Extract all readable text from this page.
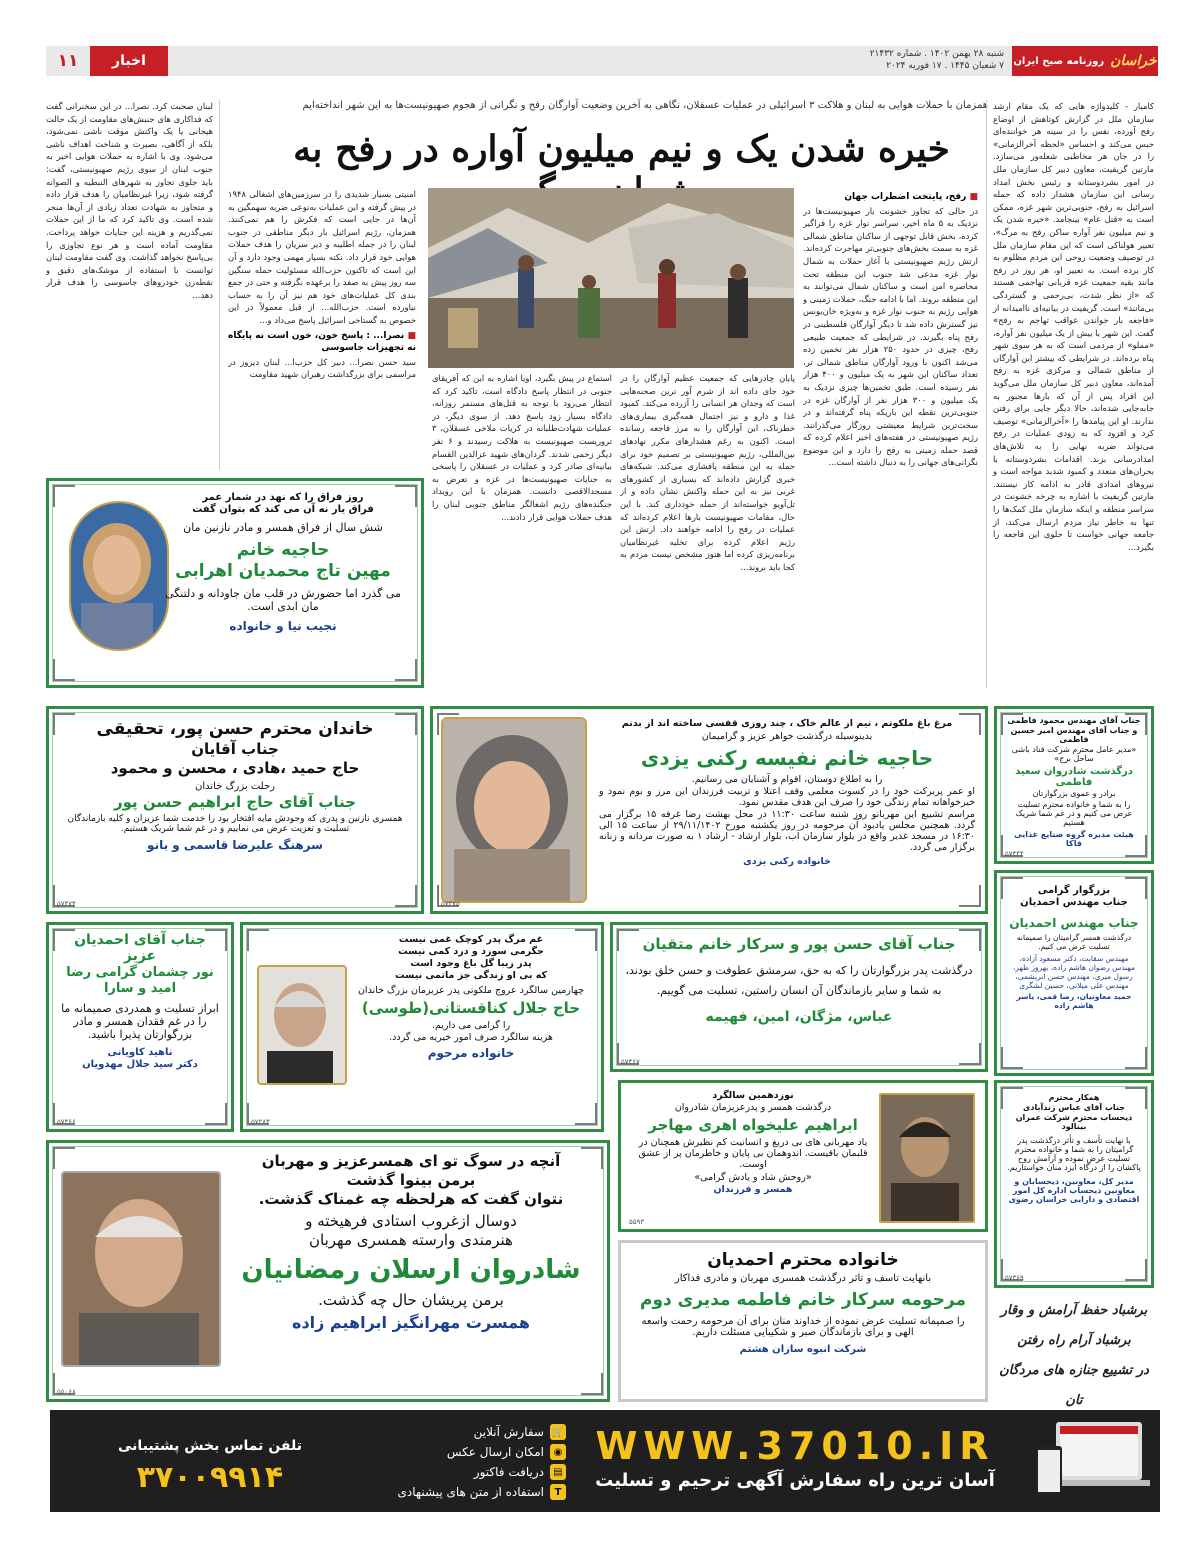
خراسان
روزنامه صبح ایران
شنبه ۲۸ بهمن ۱۴۰۲ . شماره ۲۱۴۳۲
۷ شعبان ۱۴۴۵ . ۱۷ فوریه ۲۰۲۴
اخبار
۱۱
همزمان با حملات هوایی به لبنان و هلاکت ۳ اسرائیلی در عملیات عسقلان، نگاهی به آخرین وضعیت آوارگان رفح و نگرانی از هجوم صهیونیست‌ها به این شهر انداخته‌ایم
خیره شدن یک و نیم میلیون آواره در رفح به
کامیار - کلیدواژه هایی که یک مقام ارشد سازمان ملل در گزارش کوتاهش از اوضاع رفح آورده، نفس را در سینه هر خواننده‌ای حبس می‌کند و احساس «لحظه آخرالزمانی» را در جان هر مخاطبی شعله‌ور می‌سازد. مارتین گریفیت، معاون دبیر کل سازمان ملل در امور بشردوستانه و رئیس بخش امداد رسانی این سازمان هشدار داده که حمله اسرائیل به رفح، جنوبی‌ترین شهر غزه، ممکن است به «قتل عام» بینجامد. «خیره شدن یک و نیم میلیون نفر آواره ساکن رفح به مرگ»، تعبیر هولناکی است که این مقام سازمان ملل در توصیف وضعیت روحی این مردم مظلوم به کار برده است. به تعبیر او، هر روز در رفح مانند بقیه جمعیت غزه قربانی تهاجمی هستند که «از نظر شدت، بی‌رحمی و گستردگی بی‌مانند» است. گریفیت در بیانیه‌ای ناامیدانه از «فاجعه بار خواندن عواقب تهاجم به رفح» گفت. این شهر با بیش از یک میلیون نفر آواره، «مملو» از مردمی است که به هر سوی شهر پناه برده‌اند. در شرایطی که بیشتر این آوارگان از مناطق شمالی و مرکزی غزه به رفح آمده‌اند، معاون دبیر کل سازمان ملل می‌گوید این افراد پس از آن که بارها مجبور به جابه‌جایی شده‌اند، حالا دیگر جایی برای رفتن ندارند. او این پیامدها را «آخرالزمانی» توصیف کرد و افزود که به زودی عملیات در رفح می‌تواند ضربه نهایی را به تلاش‌های امدادرسانی بزند. اقدامات بشردوستانه با بحران‌های متعدد و کمبود شدید مواجه است و نیروهای امدادی قادر به ادامه کار نیستند. مارتین گریفیت با اشاره به چرخه خشونت در سراسر منطقه و اینکه سازمان ملل کمک‌ها را تنها به خاطر نیاز مردم ارسال می‌کند، از جامعه جهانی خواست تا جلوی این فاجعه را بگیرد...
■ رفح، پایتخت اضطراب جهان
در حالی که تجاوز خشونت بار صهیونیست‌ها در نزدیک به ۵ ماه اخیر، سراسر نوار غزه را فراگیر کرده، بخش قابل توجهی از ساکنان مناطق شمالی غزه به سمت بخش‌های جنوبی‌تر مهاجرت کرده‌اند. ارتش رژیم صهیونیستی با آغاز حملات به شمال نوار غزه مدعی شد جنوب این منطقه تحت محاصره امن است و ساکنان شمال می‌توانند به این منطقه بروند. اما با ادامه جنگ، حملات زمینی و هوایی رژیم به جنوب نوار غزه و به‌ویژه خان‌یونس نیز گسترش داده شد تا دیگر آوارگان فلسطینی در رفح پناه بگیرند. در شرایطی که جمعیت طبیعی رفح، چیزی در حدود ۲۵۰ هزار نفر تخمین زده می‌شد اکنون با ورود آوارگان مناطق شمالی تر، تعداد ساکنان این شهر به یک میلیون و ۴۰۰ هزار نفر رسیده است. طبق تخمین‌ها چیزی نزدیک به یک میلیون و ۳۰۰ هزار نفر از آوارگان غزه در جنوبی‌ترین نقطه این باریکه پناه گرفته‌اند و در سخت‌ترین شرایط معیشتی روزگار می‌گذرانند. رژیم صهیونیستی در هفته‌های اخیر اعلام کرده که قصد حمله زمینی به رفح را دارد و این موضوع نگرانی‌های جهانی را به دنبال داشته است...
پایان چادرهایی که جمعیت عظیم آوارگان را در خود جای داده اند از شرم آور ترین صحنه‌هایی است که وجدان هر انسانی را آزرده می‌کند. کمبود غذا و دارو و نیز احتمال همه‌گیری بیماری‌های خطرناک، این آوارگان را به مرز فاجعه رسانده است. اکنون به رغم هشدارهای مکرر نهادهای بین‌المللی، رژیم صهیونیستی بر تصمیم خود برای حمله به این منطقه پافشاری می‌کند. شبکه‌های خبری گزارش داده‌اند که بسیاری از کشورهای غربی نیز به این حمله واکنش نشان داده و از تل‌آویو خواسته‌اند از حمله خودداری کند. با این حال، مقامات صهیونیست بارها اعلام کرده‌اند که عملیات در رفح را ادامه خواهند داد. ارتش این رژیم اعلام کرده برای تخلیه غیرنظامیان برنامه‌ریزی کرده اما هنوز مشخص نیست مردم به کجا باید بروند...
استماع در پیش بگیرد، اویا اشاره به این که آفریقای جنوبی در انتظار پاسخ دادگاه است، تاکید کرد که انتظار می‌رود با توجه به قتل‌های مستمر روزانه، دادگاه بسیار زود پاسخ دهد. از سوی دیگر، در عملیات شهادت‌طلبانه در کریات ملاخی عسقلان، ۳ تروریست صهیونیست به هلاکت رسیدند و ۶ نفر دیگر زخمی شدند. گردان‌های شهید عزالدین القسام بیانیه‌ای صادر کرد و عملیات در عسقلان را پاسخی به جنایات صهیونیست‌ها در غزه و تعرض به مسجدالاقصی دانست. همزمان با این رویداد جنگنده‌های رژیم اشغالگر مناطق جنوبی لبنان را هدف حملات هوایی قرار دادند...
امنیتی بسیار شدیدی را در سرزمین‌های اشغالی ۱۹۴۸ در پیش گرفته و این عملیات به‌نوعی ضربه سهمگین به آن‌ها در جایی است که فکرش را هم نمی‌کنند. همزمان، رژیم اسرائیل بار دیگر مناطقی در جنوب لبنان را در جمله اطلیبه و دیر سریان را هدف حملات هوایی خود قرار داد. نکته بسیار مهمی وجود دارد و آن این است که تاکنون حزب‌الله مسئولیت حمله سنگین سه روز پیش به صفد را برعهده نگرفته و حتی در جمع بندی کل عملیات‌های خود هم نیز آن را به حساب نیاورده است. حزب‌الله... از قبل معمولاً در این خصوص به گستاخی اسرائیل پاسخ می‌داد و...
■ نصرا... : پاسخ خون، خون است نه پایگاه نه تجهیزات جاسوسی
سید حسن نصرا... دبیر کل حزب‌ا... لبنان دیروز در مراسمی برای بزرگداشت رهبران شهید مقاومت
لبنان صحبت کرد. نصرا... در این سخنرانی گفت که فداکاری های جنبش‌های مقاومت از یک حالت هیجانی یا یک واکنش موقت ناشی نمی‌شود، بلکه از آگاهی، بصیرت و شناخت اهداف ناشی می‌شود. وی با اشاره به حملات هوایی اخیر به جنوب لبنان از سوی رژیم صهیونیستی، گفت: باید جلوی تجاوز به شهرهای النبطیه و الصوانه گرفته شود، زیرا غیرنظامیان را هدف قرار داده و متجاوز به شهادت تعداد زیادی از آن‌ها منجر شده است. وی تاکید کرد که ما از این حملات نمی‌گذریم و هزینه این جنایات خواهد پرداخت. مقاومت آماده است و هر نوع تجاوزی را بی‌پاسخ نخواهد گذاشت. وی گفت مقاومت لبنان توانست با استفاده از موشک‌های دقیق و نقطه‌زن خودروهای جاسوسی را هدف قرار دهد...

روز فراق را که نهد در شمار عمر

فراق یار نه آن می کند که بتوان گفت

شش سال از فراق همسر و مادر نازنین مان

حاجیه خانم

مهین تاج محمدیان اهرابی

می گذرد اما حضورش در قلب مان جاودانه و دلتنگی مان ابدی است.

نجیب نیا و خانواده

جناب آقای مهندس محمود فاطمی

و جناب آقای مهندس امیر حسین فاطمی

«مدیر عامل محترم شرکت قناد باشی ساحل برج»

درگذشت شادروان سعید فاطمی

برادر و عموی بزرگوارتان

را به شما و خانواده محترم تسلیت عرض می کنیم و در غم شما شریک هستیم

هیئت مدیره گروه صنایع غذایی فاکا

۵۷۴۴۴

بزرگوار گرامی

جناب مهندس احمدیان

جناب مهندس احمدیان

درگذشت همسر گرامیتان را صمیمانه تسلیت عرض می کنیم.

مهندس سقابت، دکتر مسعود آزاده، مهندس رضوان هاشم زاده، بهروز ظهر، رسول میری، مهندس حسن ابریشمی، مهندس علی میلانی، حسین لشگری

حمید معاونیان، رضا قمی، یاسر هاشم زاده

همکار محترم

جناب آقای عباس زندآبادی

ذیحساب محترم شرکت عمران بینالود

با نهایت تأسف و تأثر درگذشت پدر گرامیتان را به شما و خانواده محترم تسلیت عرض نموده و آرامش روح پاکشان را از درگاه ایزد منان خواستاریم.

مدیر کل، معاونین، ذیحسابان و معاونین ذیحساب اداره کل امور اقتصادی و دارایی خراسان رضوی

۵۷۳۶۹
برشباد حفظ آرامش و وقار
برشباد آرام راه رفتن
در تشییع جنازه های مردگان تان

مرغ باغ ملکوتم ، نیم از عالم خاک ، چند روزی قفسی ساخته اند از بدنم

بدینوسیله درگذشت خواهر عزیز و گرامیمان

حاجیه خانم نفیسه رکنی یزدی

را به اطلاع دوستان، اقوام و آشنایان می رسانیم.

او عمر پربرکت خود را در کسوت معلمی وقف اعتلا و تربیت فرزندان این مرز و بوم نمود و خیرخواهانه تمام زندگی خود را صرف این هدف مقدس نمود.

مراسم تشییع این مهربانو روز شنبه ساعت ۱۱:۳۰ در محل بهشت رضا غرفه ۱۵ برگزار می گردد. همچنین مجلس یادبود آن مرحومه در روز یکشنبه مورخ ۲۹/۱۱/۱۴۰۲ از ساعت ۱۵ الی ۱۶:۳۰ در مسجد غدیر واقع در بلوار سازمان آب، بلوار ارشاد - ارشاد ۱ به صورت مردانه و زنانه برگزار می گردد.

خانواده رکنی یزدی

۵۷۴۷۵

خاندان محترم حسن پور، تحقیقی

جناب آقایان

حاج حمید ،هادی ، محسن و محمود

رحلت بزرگ خاندان

جناب آقای حاج ابراهیم حسن پور

همسری نازنین و پدری که وجودش مایه افتخار بود را خدمت شما عزیزان و کلیه بازماندگان تسلیت و تعزیت عرض می نماییم و در غم شما شریک هستیم.

سرهنگ علیرضا قاسمی و بانو

۵۷۴۷۴

جناب آقای احمدیان عزیز

نور چشمان گرامی رضا

امید و سارا

ابراز تسلیت و همدردی صمیمانه ما را در غم فقدان همسر و مادر بزرگوارتان پذیرا باشید.

ناهید کاویانی

دکتر سید جلال مهدویان

۵۷۴۶۶

غم مرگ پدر کوچک غمی نیست

جگرمی سوزد و درد کمی نیست

پدر زیبا گل باغ وجود است

که بی او زندگی جز ماتمی نیست

چهارمین سالگرد عروج ملکوتی پدر عزیزمان بزرگ خاندان

حاج جلال کناقستانی(طوسی)

را گرامی می داریم.

هزینه سالگرد صرف امور خیریه می گردد.

خانواده مرحوم

۵۷۲۸۳

جناب آقای حسن پور و سرکار خانم متقیان

درگذشت پدر بزرگوارتان را که به حق، سرمشق عطوفت و حسن خلق بودند، به شما و سایر بازماندگان آن انسان راستین، تسلیت می گوییم.

عباس، مژگان، امین، فهیمه

۵۷۴۶۷

نوزدهمین سالگرد

درگذشت همسر و پدرعزیزمان شادروان

ابراهیم علیخواه اهری مهاجر

یاد مهربانی های بی دریغ و انسانیت کم نظیرش همچنان در قلبمان باقیست. اندوهمان بی پایان و خاطرمان پر از عشق اوست.

«روحش شاد و یادش گرامی»

همسر و فرزندان

۵۵۹۳

آنچه در سوگ تو ای همسرعزیز و مهربان

برمن بینوا گذشت

نتوان گفت که هرلحظه چه غمناک گذشت.

دوسال ازغروب استادی فرهیخته و

هنرمندی وارسته همسری مهربان

شادروان ارسلان رمضانیان

برمن پریشان حال چه گذشت.

همسرت مهرانگیز ابراهیم زاده

۵۵۰۶۸

خانواده محترم احمدیان

بانهایت تاسف و تاثر درگذشت همسری مهربان و مادری فداکار

مرحومه سرکار خانم فاطمه مدیری دوم

را صمیمانه تسلیت عرض نموده از خداوند منان برای آن مرحومه رحمت واسعه الهی و برای بازماندگان صبر و شکیبایی مسئلت داریم.

شرکت انبوه سازان هشتم

WWW.37010.IR
آسان ترین راه سفارش آگهی ترحیم و تسلیت
🛒
سفارش آنلاین
◉
امکان ارسال عکس
▤
دریافت فاکتور
T
استفاده از متن های پیشنهادی
تلفن تماس بخش پشتیبانی
۳۷۰۰۹۹۱۴
